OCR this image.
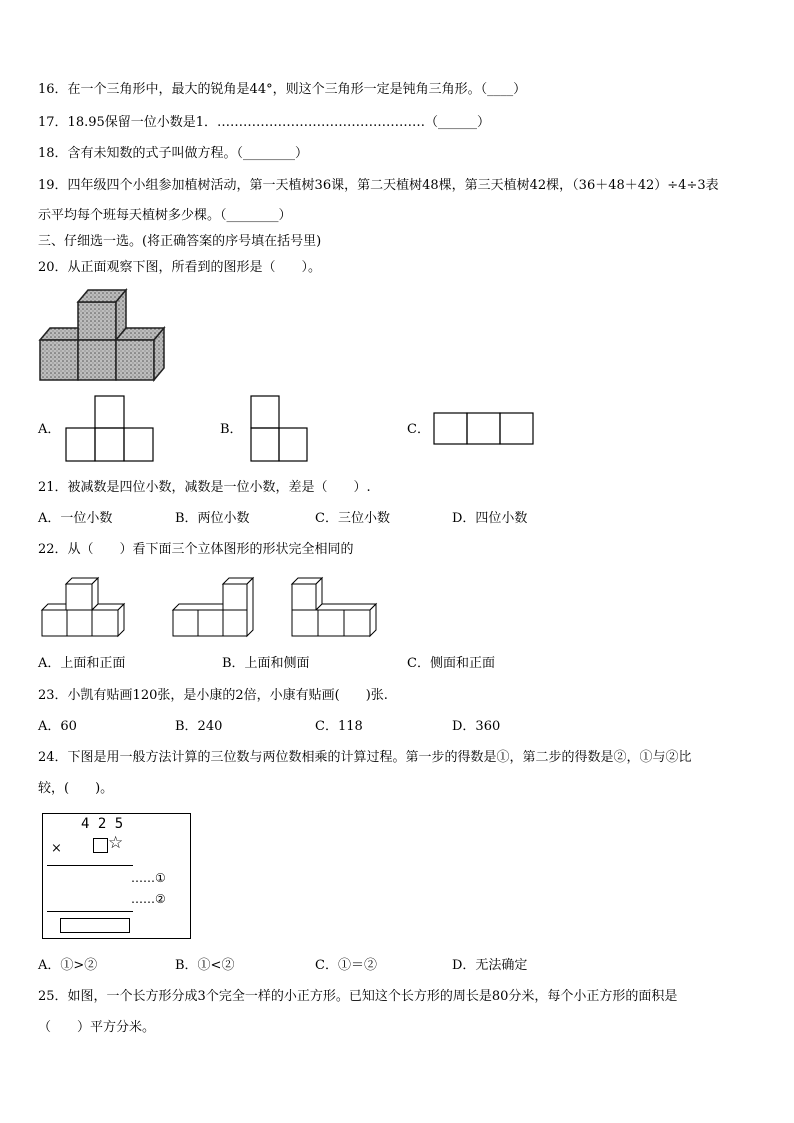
16．在一个三角形中，最大的锐角是44°，则这个三角形一定是钝角三角形。（____）
17．18.95保留一位小数是1．…………………………………………（______）
18．含有未知数的式子叫做方程。（________）
19．四年级四个小组参加植树活动，第一天植树36课，第二天植树48棵，第三天植树42棵，（36＋48＋42）÷4÷3表
示平均每个班每天植树多少棵。（________）
三、仔细选一选。(将正确答案的序号填在括号里)
20．从正面观察下图，所看到的图形是（　　）。
A．	B．	C．
21．被减数是四位小数，减数是一位小数，差是（　　）.
A．一位小数	B．两位小数	C．三位小数	D．四位小数
22．从（　　）看下面三个立体图形的形状完全相同的
A．上面和正面	B．上面和侧面	C．侧面和正面
23．小凯有贴画120张，是小康的2倍，小康有贴画(　　)张.
A．60	B．240	C．118	D．360
24．下图是用一般方法计算的三位数与两位数相乘的计算过程。第一步的得数是①，第二步的得数是②，①与②比
较，(　　)。
4 2 5
×	☆
……①
……②
A．①>②	B．①<②	C．①＝②	D．无法确定
25．如图，一个长方形分成3个完全一样的小正方形。已知这个长方形的周长是80分米，每个小正方形的面积是
（　　）平方分米。
